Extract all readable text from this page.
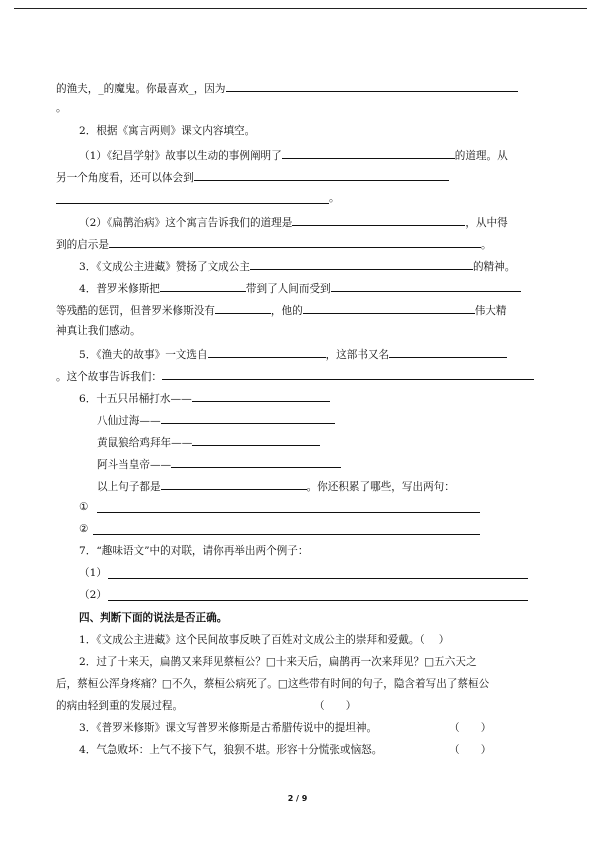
的渔夫，_的魔鬼。你最喜欢_，因为
。
2．根据《寓言两则》课文内容填空。
（1）《纪昌学射》故事以生动的事例阐明了	的道理。从
另一个角度看，还可以体会到
。
（2）《扁鹊治病》这个寓言告诉我们的道理是	，从中得
到的启示是	。
3．《文成公主进藏》赞扬了文成公主	的精神。
4．普罗米修斯把	带到了人间而受到
等残酷的惩罚，但普罗米修斯没有	，他的	伟大精
神真让我们感动。
5．《渔夫的故事》一文选自	，这部书又名
。这个故事告诉我们：
6．十五只吊桶打水——
八仙过海——
黄鼠狼给鸡拜年——
阿斗当皇帝——
以上句子都是	。你还积累了哪些，写出两句：
①
②
7．“趣味语文”中的对联，请你再举出两个例子：
（1）
（2）
四、判断下面的说法是否正确。
1．《文成公主进藏》这个民间故事反映了百姓对文成公主的崇拜和爱戴。（　 ）
2．过了十来天，扁鹊又来拜见蔡桓公？□十来天后，扁鹊再一次来拜见？□五六天之
后，蔡桓公浑身疼痛？□不久，蔡桓公病死了。□这些带有时间的句子，隐含着写出了蔡桓公
的病由轻到重的发展过程。	（　　）
3．《普罗米修斯》课文写普罗米修斯是古希腊传说中的提坦神。	（　　）
4．气急败坏：上气不接下气，狼狈不堪。形容十分慌张或恼怒。	（　　）
2 / 9
